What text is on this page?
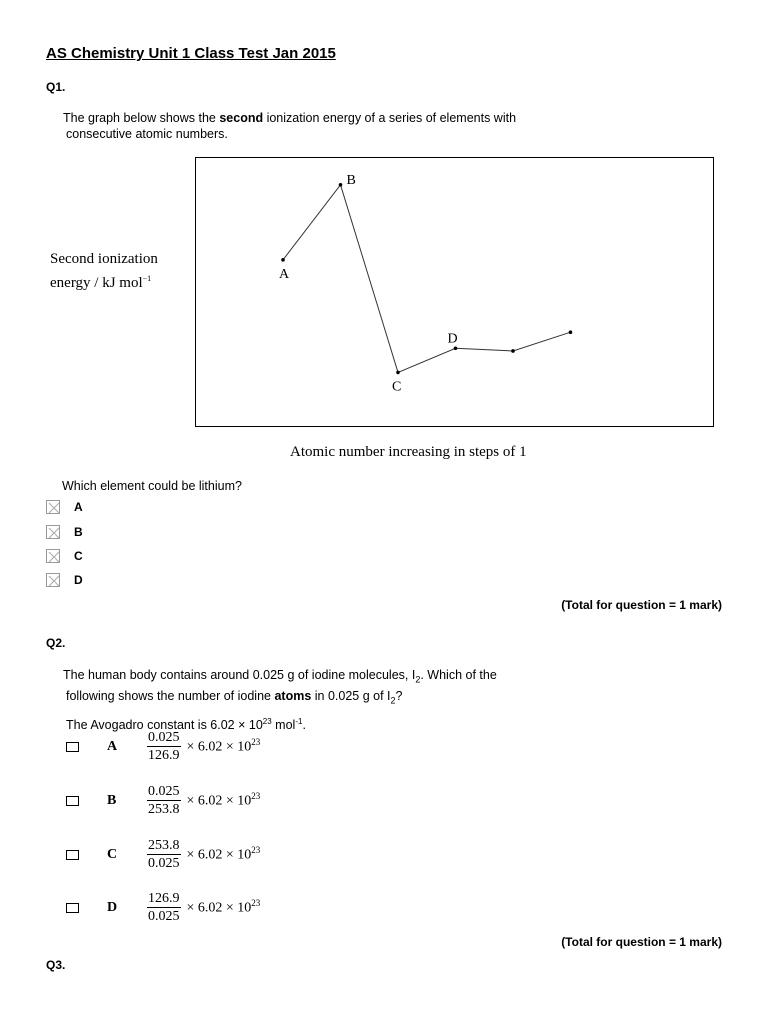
AS Chemistry Unit 1 Class Test Jan 2015
Q1.
The graph below shows the second ionization energy of a series of elements with
consecutive atomic numbers.
Second ionization
energy / kJ mol$^{-1}$	A
B
C
D
Atomic number increasing in steps of 1
Which element could be lithium?
A
B
C
D
(Total for question = 1 mark)
Q2.
The human body contains around 0.025 g of iodine molecules, $I_2$. Which of the
following shows the number of iodine atoms in 0.025 g of $I_2$?
The Avogadro constant is $6.02 \times 10^{23}$ mol$^{-1}$.
A	$\frac{0.025}{126.9} \times 6.02 \times 10^{23}$
B	$\frac{0.025}{253.8} \times 6.02 \times 10^{23}$
C	$\frac{253.8}{0.025} \times 6.02 \times 10^{23}$
D	$\frac{126.9}{0.025} \times 6.02 \times 10^{23}$
(Total for question = 1 mark)
Q3.
